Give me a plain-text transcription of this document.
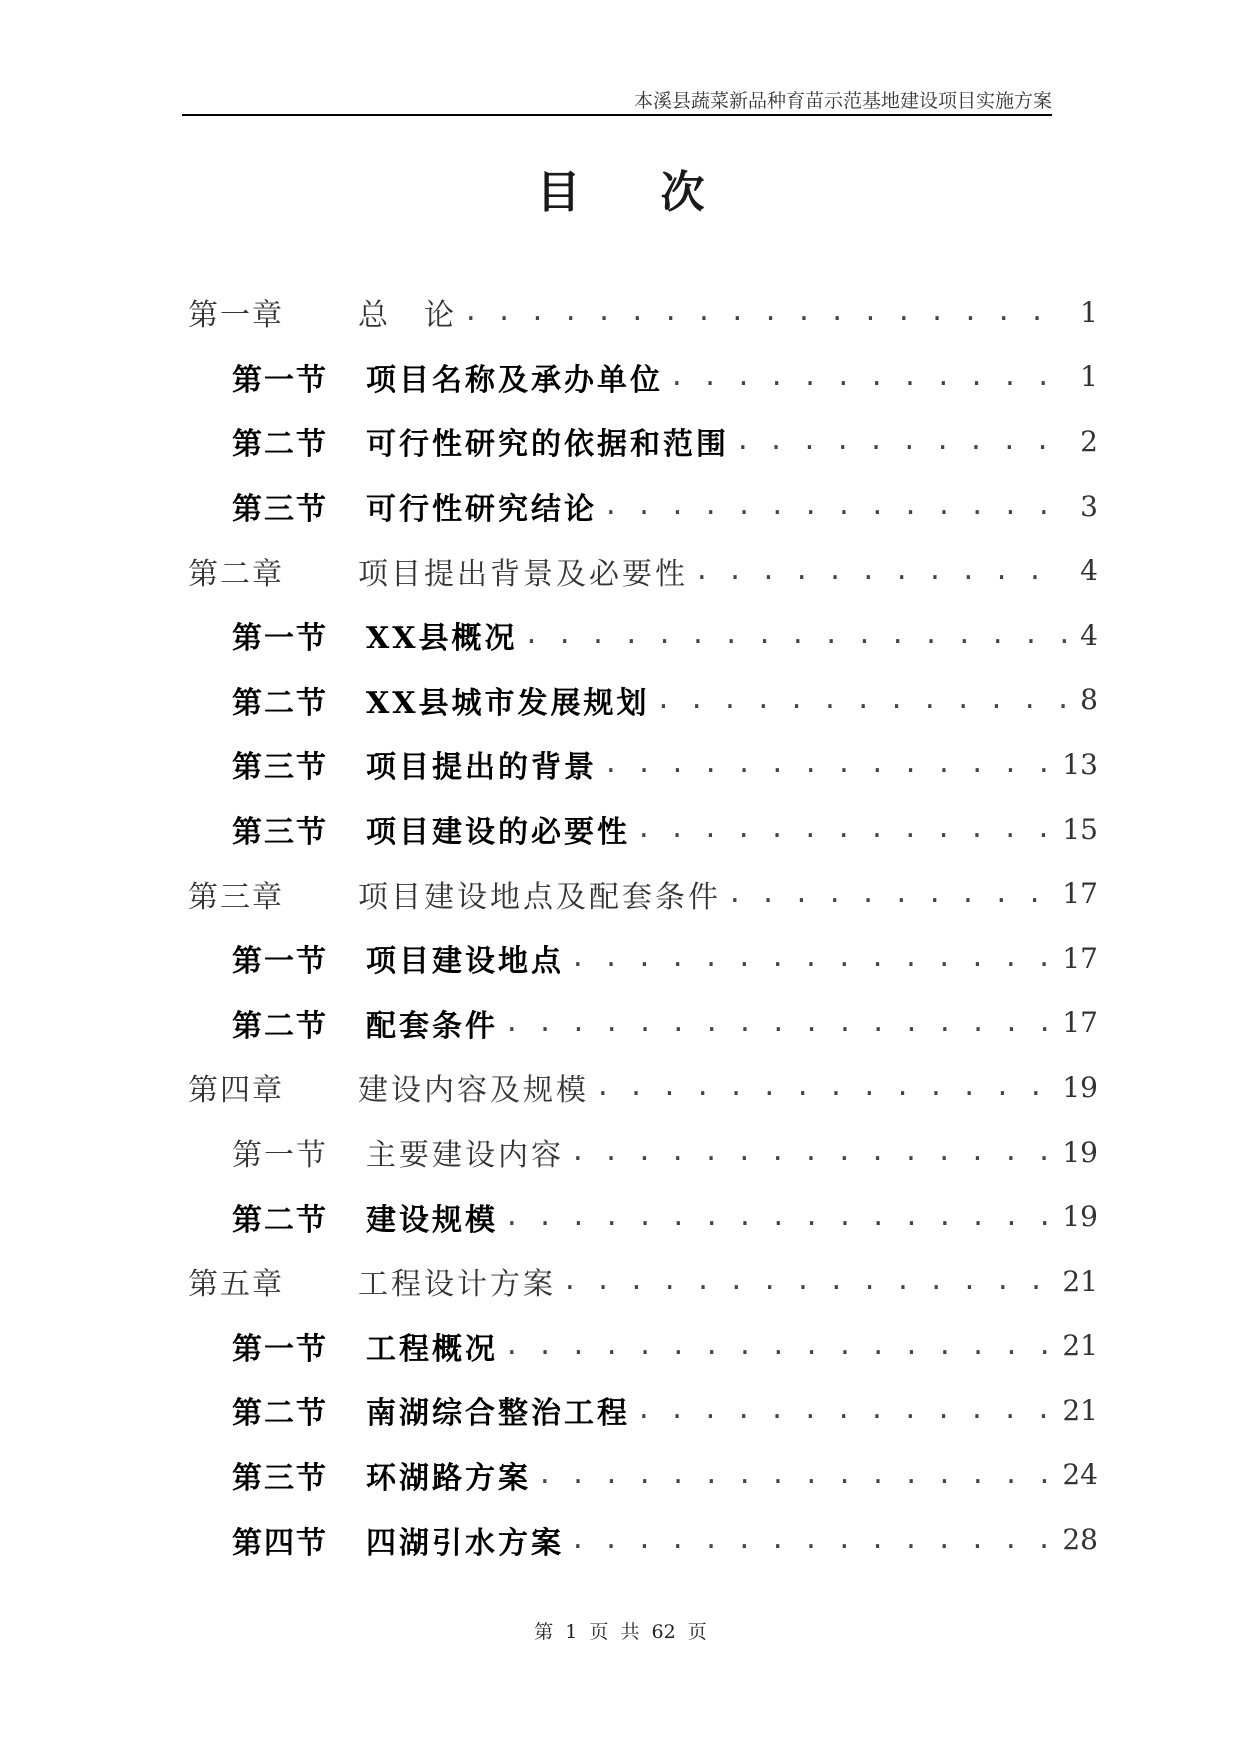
本溪县蔬菜新品种育苗示范基地建设项目实施方案
目 次
第一章	总　论 . . .	1
第一节	项目名称及承办单位 . . .	1
第二节	可行性研究的依据和范围 . . .	2
第三节	可行性研究结论 . . .	3
第二章	项目提出背景及必要性 . . .	4
第一节	XX县概况 . . .	4
第二节	XX县城市发展规划 . . .	8
第三节	项目提出的背景 . . .	13
第三节	项目建设的必要性 . . .	15
第三章	项目建设地点及配套条件 . . .	17
第一节	项目建设地点 . . .	17
第二节	配套条件 . . .	17
第四章	建设内容及规模 . . .	19
第一节	主要建设内容 . . .	19
第二节	建设规模 . . .	19
第五章	工程设计方案 . . .	21
第一节	工程概况 . . .	21
第二节	南湖综合整治工程 . . .	21
第三节	环湖路方案 . . .	24
第四节	四湖引水方案 . . .	28
第 1 页 共 62 页
